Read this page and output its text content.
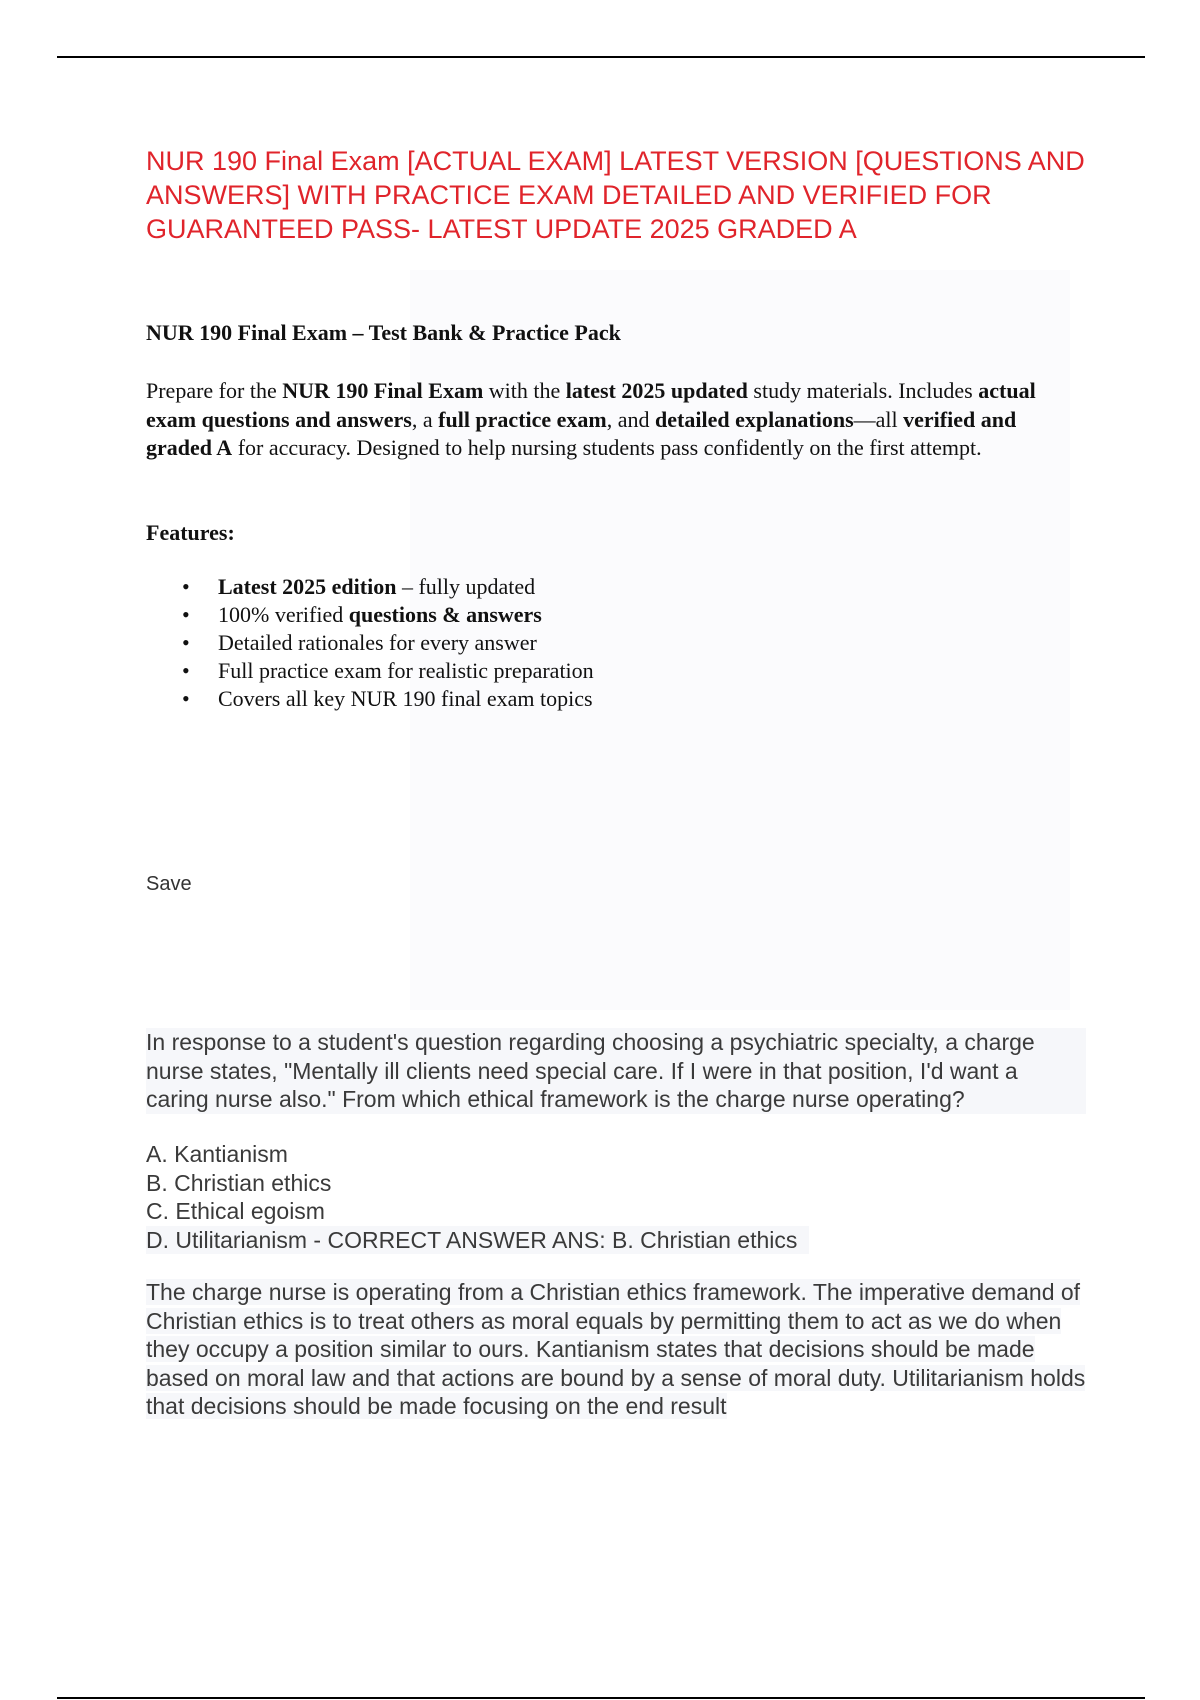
NUR 190 Final Exam [ACTUAL EXAM] LATEST VERSION [QUESTIONS AND ANSWERS] WITH PRACTICE EXAM DETAILED AND VERIFIED FOR GUARANTEED PASS- LATEST UPDATE 2025 GRADED A

NUR 190 Final Exam – Test Bank & Practice Pack

Prepare for the NUR 190 Final Exam with the latest 2025 updated study materials. Includes actual exam questions and answers, a full practice exam, and detailed explanations—all verified and graded A for accuracy. Designed to help nursing students pass confidently on the first attempt.

Features:

• Latest 2025 edition – fully updated
• 100% verified questions & answers
• Detailed rationales for every answer
• Full practice exam for realistic preparation
• Covers all key NUR 190 final exam topics

Save

In response to a student's question regarding choosing a psychiatric specialty, a charge nurse states, "Mentally ill clients need special care. If I were in that position, I'd want a caring nurse also." From which ethical framework is the charge nurse operating?

A. Kantianism
B. Christian ethics
C. Ethical egoism
D. Utilitarianism - CORRECT ANSWER ANS: B. Christian ethics

The charge nurse is operating from a Christian ethics framework. The imperative demand of Christian ethics is to treat others as moral equals by permitting them to act as we do when they occupy a position similar to ours. Kantianism states that decisions should be made based on moral law and that actions are bound by a sense of moral duty. Utilitarianism holds that decisions should be made focusing on the end result
